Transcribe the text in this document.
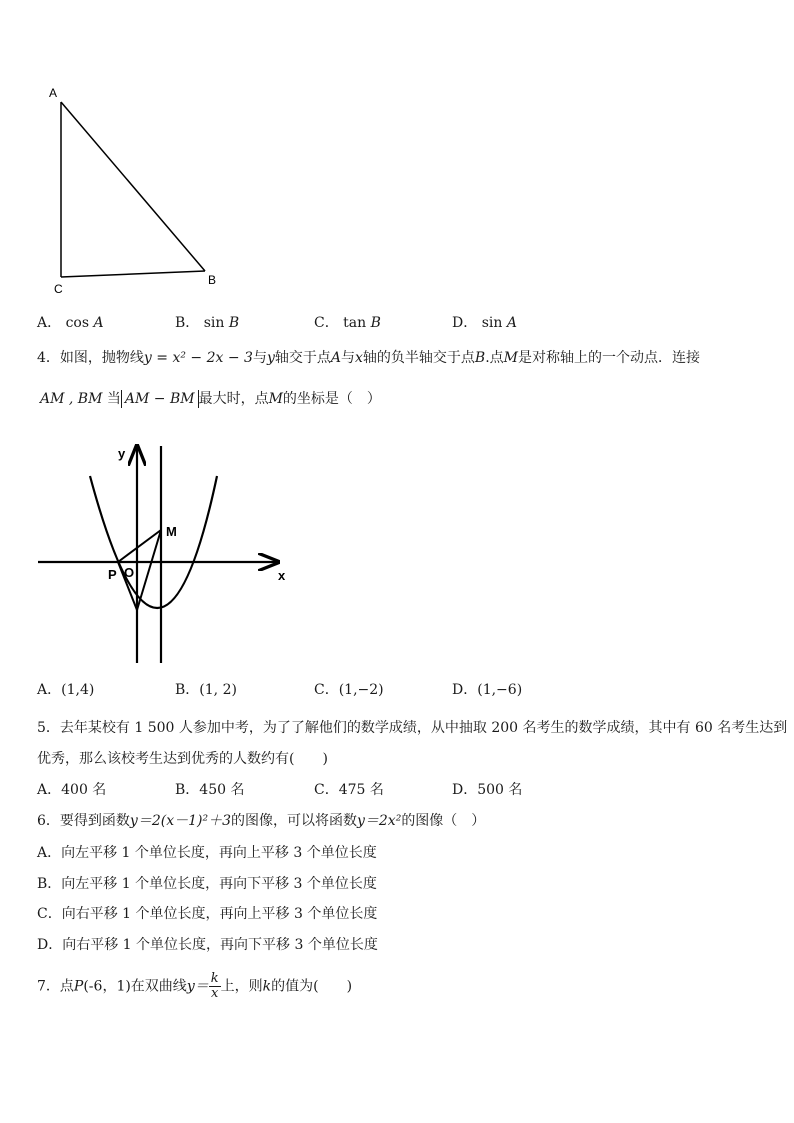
A
C
B
A． cos A	B． sin B	C． tan B	D． sin A
4．如图，抛物线y = x² − 2x − 3与y轴交于点A与x轴的负半轴交于点B.点M是对称轴上的一个动点．连接
AM , BM 当 AM − BM 最大时，点M的坐标是（　）
y
x
M
P O
A．(1,4)	B．(1, 2)	C．(1,−2)	D．(1,−6)
5．去年某校有 1 500 人参加中考，为了了解他们的数学成绩，从中抽取 200 名考生的数学成绩，其中有 60 名考生达到
优秀，那么该校考生达到优秀的人数约有(　　)
A．400 名	B．450 名	C．475 名	D．500 名
6．要得到函数y＝2(x－1)²＋3的图像，可以将函数y＝2x²的图像（　）
A．向左平移 1 个单位长度，再向上平移 3 个单位长度
B．向左平移 1 个单位长度，再向下平移 3 个单位长度
C．向右平移 1 个单位长度，再向上平移 3 个单位长度
D．向右平移 1 个单位长度，再向下平移 3 个单位长度
7．点P(-6，1)在双曲线$y= \frac{k}{x}$ 上，则k的值为(　　)
